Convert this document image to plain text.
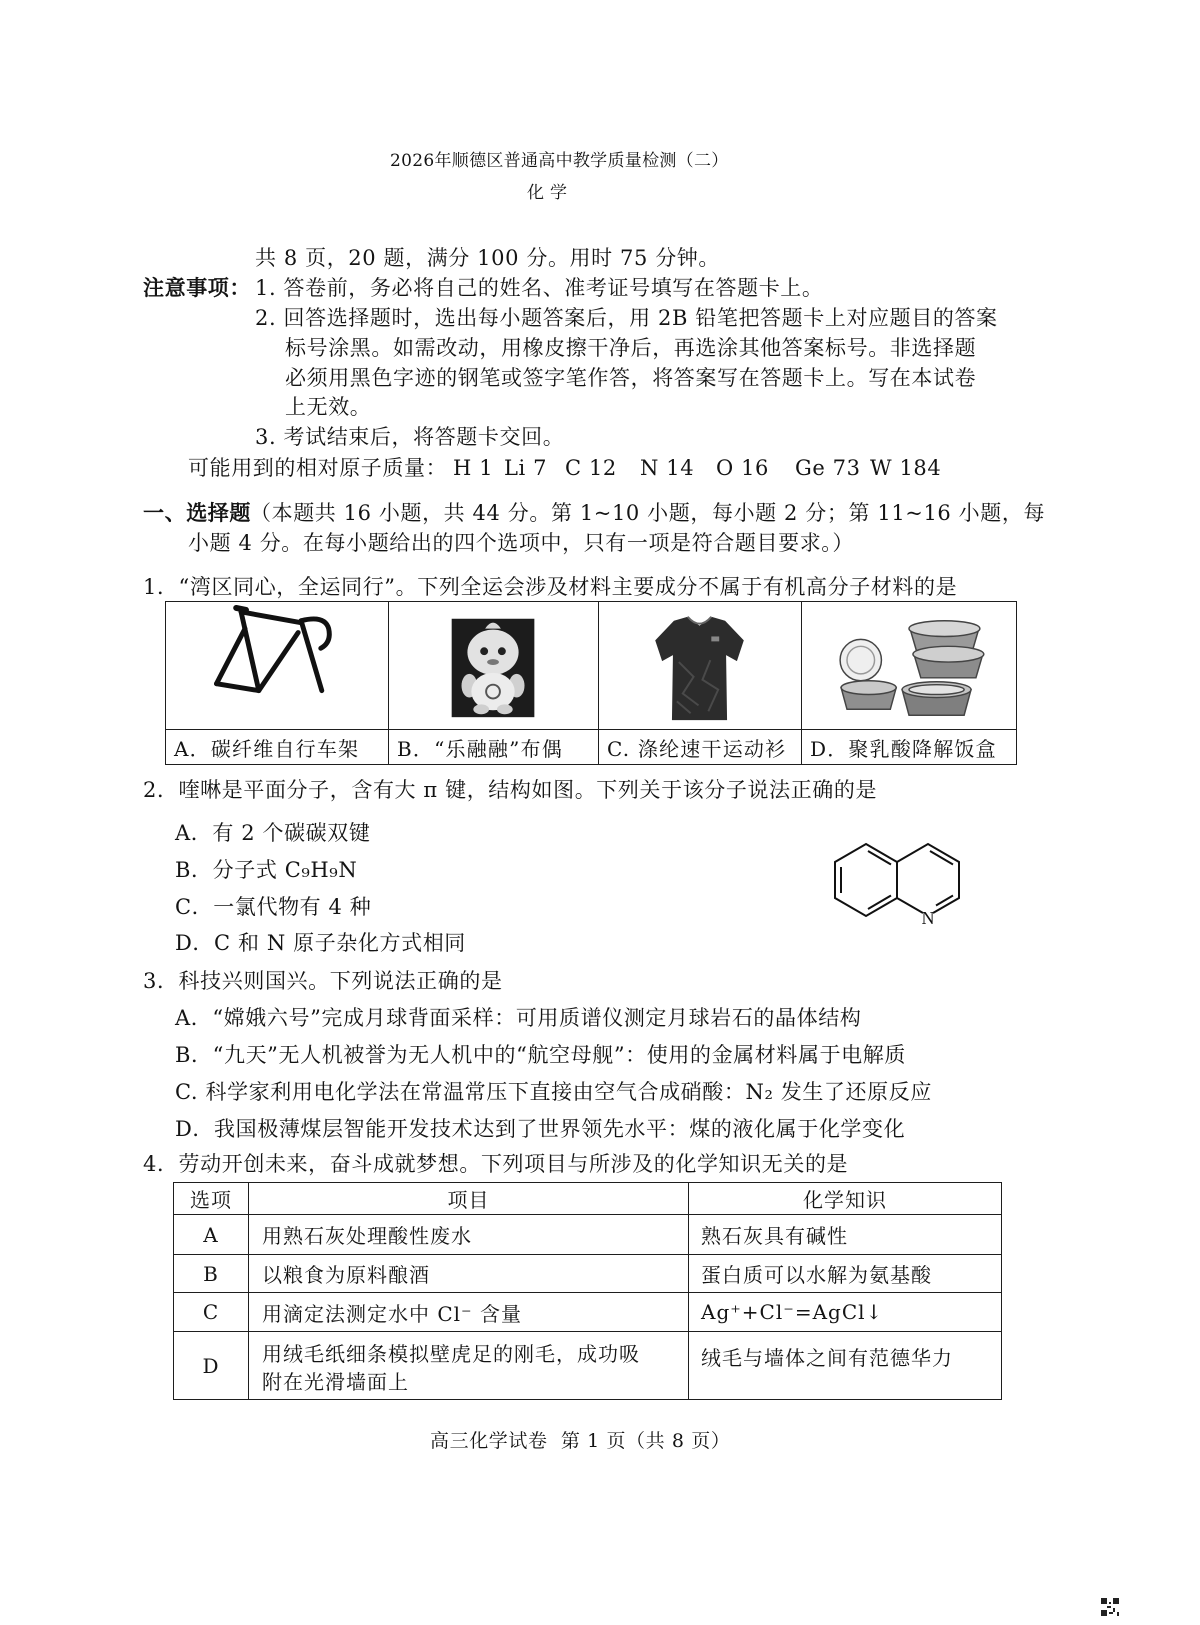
2026年顺德区普通高中教学质量检测（二）
化 学
共 8 页，20 题，满分 100 分。用时 75 分钟。
注意事项： 1. 答卷前，务必将自己的姓名、准考证号填写在答题卡上。
2. 回答选择题时，选出每小题答案后，用 2B 铅笔把答题卡上对应题目的答案
标号涂黑。如需改动，用橡皮擦干净后，再选涂其他答案标号。非选择题
必须用黑色字迹的钢笔或签字笔作答，将答案写在答题卡上。写在本试卷
上无效。
3. 考试结束后，将答题卡交回。
可能用到的相对原子质量： H 1 Li 7 C 12 N 14 O 16 Ge 73 W 184
一、选择题 （本题共 16 小题，共 44 分。第 1~10 小题，每小题 2 分；第 11~16 小题，每
小题 4 分。在每小题给出的四个选项中，只有一项是符合题目要求。）
1．“湾区同心，全运同行”。下列全运会涉及材料主要成分不属于有机高分子材料的是

A．碳纤维自行车架	B．“乐融融”布偶	C. 涤纶速干运动衫	D．聚乳酸降解饭盒
2．喹啉是平面分子，含有大 π 键，结构如图。下列关于该分子说法正确的是
A．有 2 个碳碳双键
B．分子式 C₉H₉N
C．一氯代物有 4 种
D．C 和 N 原子杂化方式相同
N
3．科技兴则国兴。下列说法正确的是
A．“嫦娥六号”完成月球背面采样：可用质谱仪测定月球岩石的晶体结构
B．“九天”无人机被誉为无人机中的“航空母舰”：使用的金属材料属于电解质
C. 科学家利用电化学法在常温常压下直接由空气合成硝酸：N₂ 发生了还原反应
D．我国极薄煤层智能开发技术达到了世界领先水平：煤的液化属于化学变化
4．劳动开创未来，奋斗成就梦想。下列项目与所涉及的化学知识无关的是
选项	项目	化学知识
A	用熟石灰处理酸性废水	熟石灰具有碱性
B	以粮食为原料酿酒	蛋白质可以水解为氨基酸
C	用滴定法测定水中 Cl⁻ 含量	Ag⁺+Cl⁻=AgCl↓
D	用绒毛纸细条模拟壁虎足的刚毛，成功吸
附在光滑墙面上	绒毛与墙体之间有范德华力
高三化学试卷  第 1 页（共 8 页）
